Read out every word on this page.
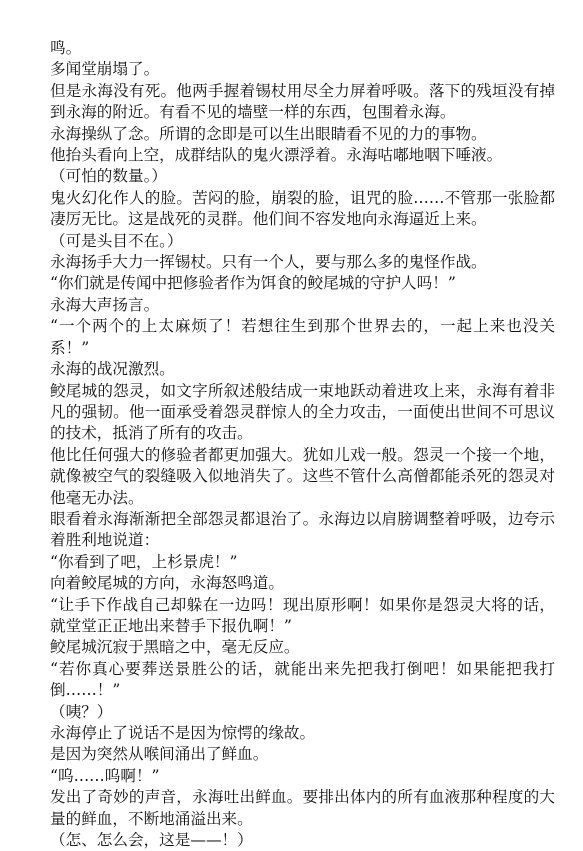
鸣。

多闻堂崩塌了。

但是永海没有死。他两手握着锡杖用尽全力屏着呼吸。落下的残垣没有掉到永海的附近。有看不见的墙壁一样的东西，包围着永海。

永海操纵了念。所谓的念即是可以生出眼睛看不见的力的事物。

他抬头看向上空，成群结队的鬼火漂浮着。永海咕嘟地咽下唾液。

（可怕的数量。）

鬼火幻化作人的脸。苦闷的脸，崩裂的脸，诅咒的脸……不管那一张脸都凄厉无比。这是战死的灵群。他们间不容发地向永海逼近上来。

（可是头目不在。）

永海扬手大力一挥锡杖。只有一个人，要与那么多的鬼怪作战。

“你们就是传闻中把修验者作为饵食的鲛尾城的守护人吗！”

永海大声扬言。

“一个两个的上太麻烦了！若想往生到那个世界去的，一起上来也没关系！”

永海的战况激烈。

鲛尾城的怨灵，如文字所叙述般结成一束地跃动着进攻上来，永海有着非凡的强韧。他一面承受着怨灵群惊人的全力攻击，一面使出世间不可思议的技术，抵消了所有的攻击。

他比任何强大的修验者都更加强大。犹如儿戏一般。怨灵一个接一个地，就像被空气的裂缝吸入似地消失了。这些不管什么高僧都能杀死的怨灵对他毫无办法。

眼看着永海渐渐把全部怨灵都退治了。永海边以肩膀调整着呼吸，边夸示着胜利地说道：

“你看到了吧，上杉景虎！”

向着鲛尾城的方向，永海怒鸣道。

“让手下作战自己却躲在一边吗！现出原形啊！如果你是怨灵大将的话，就堂堂正正地出来替手下报仇啊！”

鲛尾城沉寂于黑暗之中，毫无反应。

“若你真心要葬送景胜公的话，就能出来先把我打倒吧！如果能把我打倒……！”

（咦？）

永海停止了说话不是因为惊愕的缘故。

是因为突然从喉间涌出了鲜血。

“呜……呜啊！”

发出了奇妙的声音，永海吐出鲜血。要排出体内的所有血液那种程度的大量的鲜血，不断地涌溢出来。

（怎、怎么会，这是——！）
